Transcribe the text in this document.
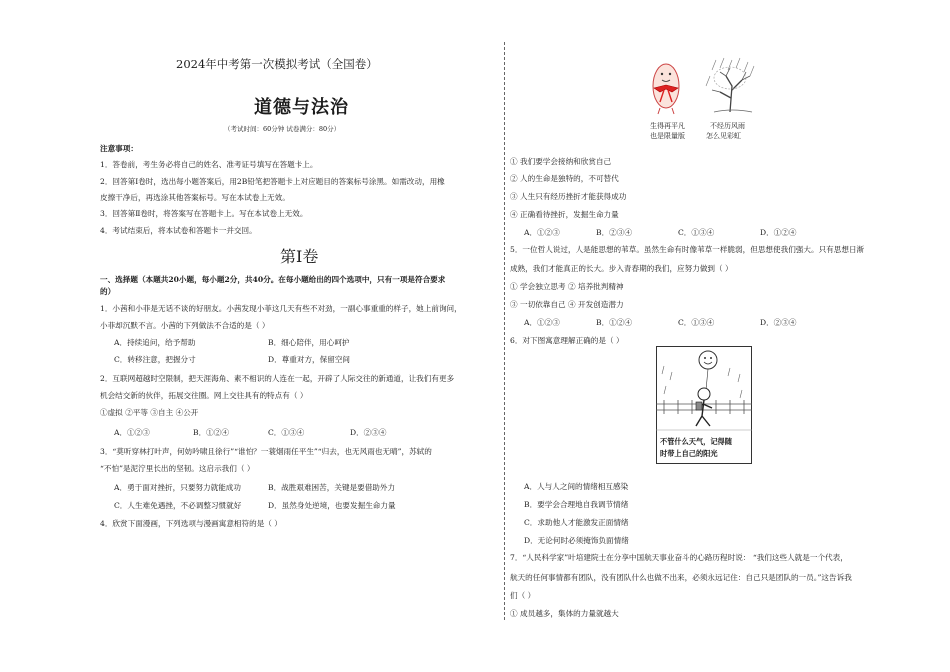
2024年中考第一次模拟考试（全国卷）
道德与法治
（考试时间：60分钟 试卷满分：80分）
注意事项：
1．答卷前，考生务必将自己的姓名、准考证号填写在答题卡上。
2．回答第Ⅰ卷时，选出每小题答案后，用2B铅笔把答题卡上对应题目的答案标号涂黑。如需改动，用橡
皮擦干净后，再选涂其他答案标号。写在本试卷上无效。
3．回答第Ⅱ卷时，将答案写在答题卡上。写在本试卷上无效。
4．考试结束后，将本试卷和答题卡一并交回。
第Ⅰ卷
一、选择题（本题共20小题，每小题2分，共40分。在每小题给出的四个选项中，只有一项是符合要求
的）
1．小茜和小菲是无话不谈的好朋友。小茜发现小菲这几天有些不对劲，一副心事重重的样子，她上前询问，
小菲却沉默不言。小茜的下列做法不合适的是（ ）
A．持续追问，给予帮助	B．细心陪伴，用心呵护
C．转移注意，把握分寸	D．尊重对方，保留空间
2．互联网超越时空限制，把天涯海角、素不相识的人连在一起，开辟了人际交往的新通道，让我们有更多
机会结交新的伙伴，拓展交往圈。网上交往具有的特点有（ ）
①虚拟 ②平等 ③自主 ④公开
A．①②③	B．①②④	C．①③④	D．②③④
3．“莫听穿林打叶声，何妨吟啸且徐行”“谁怕？一蓑烟雨任平生”“归去，也无风雨也无晴”，苏轼的
“不怕”是泥泞里长出的坚韧。这启示我们（ ）
A．勇于面对挫折，只要努力就能成功	B．战胜艰难困苦，关键是要借助外力
C．人生难免遇挫，不必调整习惯就好	D．虽然身处逆境，也要发掘生命力量
4．欣赏下面漫画，下列选项与漫画寓意相符的是（ ）
生得再平凡
也是限量版
不经历风雨
怎么见彩虹
① 我们要学会接纳和欣赏自己
② 人的生命是独特的，不可替代
③ 人生只有经历挫折才能获得成功
④ 正确看待挫折，发掘生命力量
A．①②③	B．②③④	C．①③④	D．①②④
5．一位哲人说过，人是能思想的苇草。虽然生命有时像苇草一样脆弱，但思想使我们强大。只有思想日渐
成熟，我们才能真正的长大。步入青春期的我们，应努力做到（ ）
① 学会独立思考 ② 培养批判精神
③ 一切依靠自己 ④ 开发创造潜力
A．①②③	B．①②④	C．①③④	D．②③④
6．对下图寓意理解正确的是（ ）
A．人与人之间的情绪相互感染
B．要学会合理地自我调节情绪
C．求助他人才能激发正面情绪
D．无论何时必须掩饰负面情绪
7．“人民科学家”叶培建院士在分享中国航天事业奋斗的心路历程时说： “我们这些人就是一个代表，
航天的任何事情都有团队，没有团队什么也做不出来，必须永远记住：自己只是团队的一员。”这告诉我
们（ ）
① 成员越多，集体的力量就越大
不管什么天气，记得随
时带上自己的阳光
